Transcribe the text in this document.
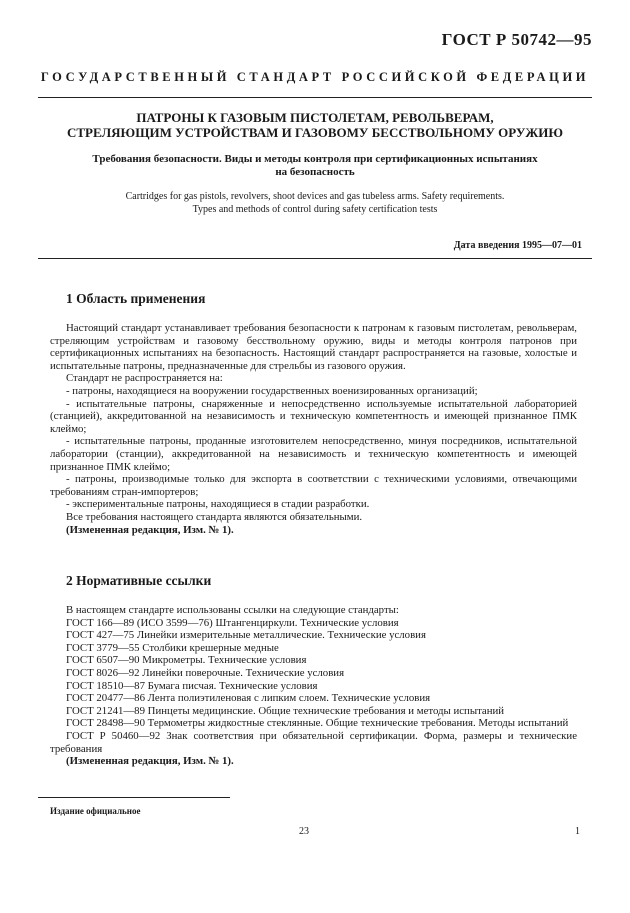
ГОСТ Р 50742—95
ГОСУДАРСТВЕННЫЙ СТАНДАРТ РОССИЙСКОЙ ФЕДЕРАЦИИ
ПАТРОНЫ К ГАЗОВЫМ ПИСТОЛЕТАМ, РЕВОЛЬВЕРАМ,
СТРЕЛЯЮЩИМ УСТРОЙСТВАМ И ГАЗОВОМУ БЕССТВОЛЬНОМУ ОРУЖИЮ
Требования безопасности. Виды и методы контроля при сертификационных испытаниях
на безопасность
Cartridges for gas pistols, revolvers, shoot devices and gas tubeless arms. Safety requirements.
Types and methods of control during safety certification tests
Дата введения 1995—07—01
1 Область применения

Настоящий стандарт устанавливает требования безопасности к патронам к газовым пистолетам, револьверам, стреляющим устройствам и газовому бесствольному оружию, виды и методы контроля патронов при сертификационных испытаниях на безопасность. Настоящий стандарт распространяется на газовые, холостые и испытательные патроны, предназначенные для стрельбы из газового оружия.

Стандарт не распространяется на:

- патроны, находящиеся на вооружении государственных военизированных организаций;

- испытательные патроны, снаряженные и непосредственно используемые испытательной лабораторией (станцией), аккредитованной на независимость и техническую компетентность и имеющей признанное ПМК клеймо;

- испытательные патроны, проданные изготовителем непосредственно, минуя посредников, испытательной лаборатории (станции), аккредитованной на независимость и техническую компетентность и имеющей признанное ПМК клеймо;

- патроны, производимые только для экспорта в соответствии с техническими условиями, отвечающими требованиям стран-импортеров;

- экспериментальные патроны, находящиеся в стадии разработки.

Все требования настоящего стандарта являются обязательными.

(Измененная редакция, Изм. № 1).

2 Нормативные ссылки

В настоящем стандарте использованы ссылки на следующие стандарты:

ГОСТ 166—89 (ИСО 3599—76) Штангенциркули. Технические условия

ГОСТ 427—75 Линейки измерительные металлические. Технические условия

ГОСТ 3779—55 Столбики крешерные медные

ГОСТ 6507—90 Микрометры. Технические условия

ГОСТ 8026—92 Линейки поверочные. Технические условия

ГОСТ 18510—87 Бумага писчая. Технические условия

ГОСТ 20477—86 Лента полиэтиленовая с липким слоем. Технические условия

ГОСТ 21241—89 Пинцеты медицинские. Общие технические требования и методы испытаний

ГОСТ 28498—90 Термометры жидкостные стеклянные. Общие технические требования. Методы испытаний

ГОСТ Р 50460—92 Знак соответствия при обязательной сертификации. Форма, размеры и технические требования

(Измененная редакция, Изм. № 1).

Издание официальное
23	1
